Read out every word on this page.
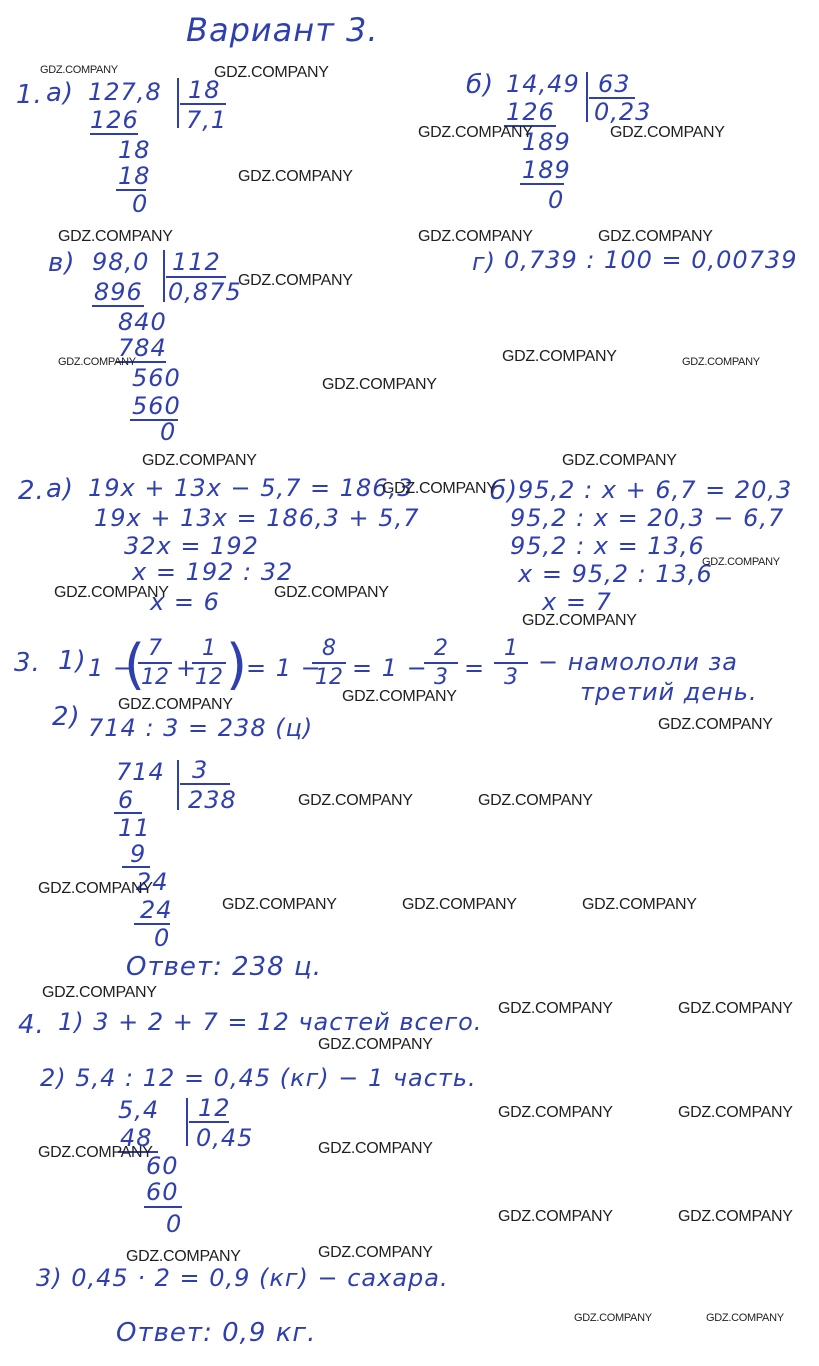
Вариант 3.
1. а) 127,8 18
7,1
126
18
18
0
б) 14,49 63
0,23
126
189
189
0
в) 98,0 112
0,875
896
840
784
560
560
0
г) 0,739 : 100 = 0,00739
2. а) 19x + 13x − 5,7 = 186,3
19x + 13x = 186,3 + 5,7
32x = 192
x = 192 : 32
x = 6
б) 95,2 : x + 6,7 = 20,3
95,2 : x = 20,3 − 6,7
95,2 : x = 13,6
x = 95,2 : 13,6
x = 7
3. 1) 1 −
( 7
12 +
1
12 )
= 1 −
8
12 = 1 −
2
3 =
1
3
− намололи за
третий день.
2) 714 : 3 = 238 (ц)
714 3
238
6
11
9
24
24
0
Ответ: 238 ц.
4. 1) 3 + 2 + 7 = 12 частей всего.
2) 5,4 : 12 = 0,45 (кг) − 1 часть.
5,4 12
0,45
48
60
60
0
3) 0,45 · 2 = 0,9 (кг) − сахара.
Ответ: 0,9 кг.
GDZ.COMPANY	GDZ.COMPANY
GDZ.COMPANY	GDZ.COMPANY
GDZ.COMPANY
GDZ.COMPANY	GDZ.COMPANY	GDZ.COMPANY
GDZ.COMPANY
GDZ.COMPANY	GDZ.COMPANY	GDZ.COMPANY
GDZ.COMPANY
GDZ.COMPANY	GDZ.COMPANY
GDZ.COMPANY
GDZ.COMPANY
GDZ.COMPANY	GDZ.COMPANY
GDZ.COMPANY
GDZ.COMPANY	GDZ.COMPANY
GDZ.COMPANY
GDZ.COMPANY	GDZ.COMPANY
GDZ.COMPANY
GDZ.COMPANY	GDZ.COMPANY	GDZ.COMPANY
GDZ.COMPANY
GDZ.COMPANY	GDZ.COMPANY
GDZ.COMPANY
GDZ.COMPANY	GDZ.COMPANY
GDZ.COMPANY	GDZ.COMPANY
GDZ.COMPANY	GDZ.COMPANY
GDZ.COMPANY	GDZ.COMPANY
GDZ.COMPANY	GDZ.COMPANY
